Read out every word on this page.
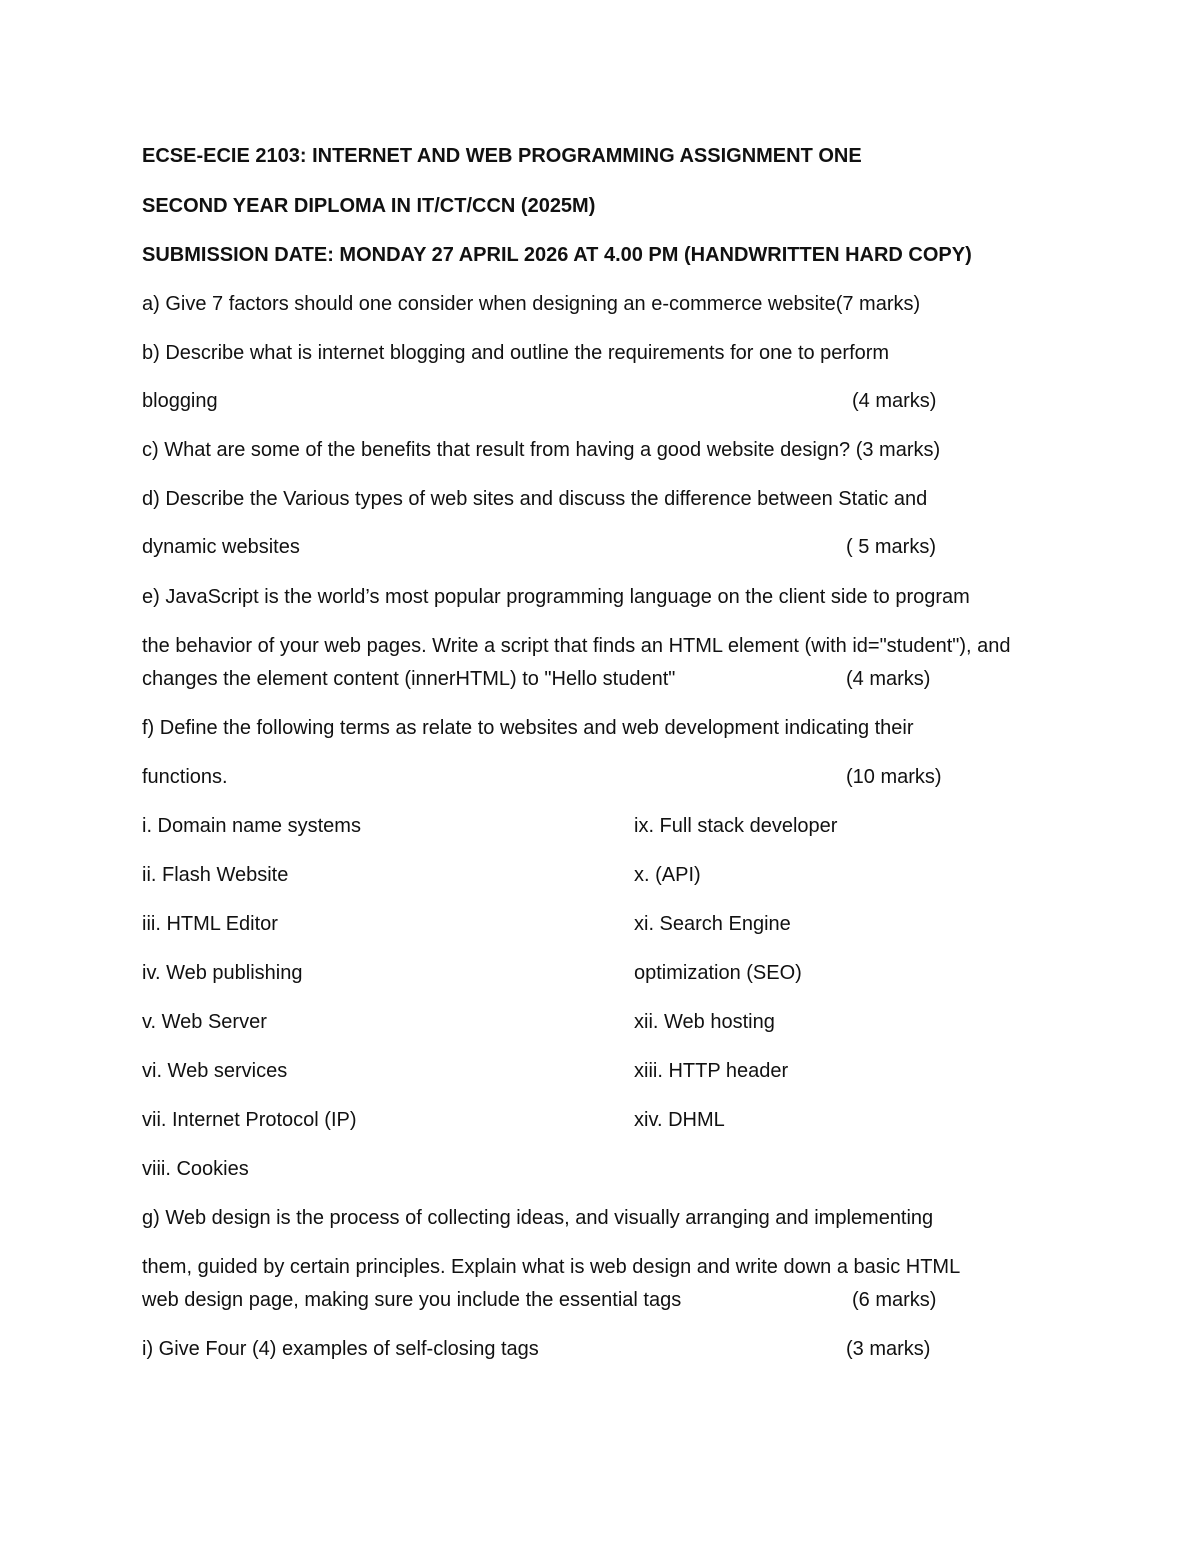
ECSE-ECIE 2103: INTERNET AND WEB PROGRAMMING ASSIGNMENT ONE
SECOND YEAR DIPLOMA IN IT/CT/CCN (2025M)
SUBMISSION DATE: MONDAY 27 APRIL 2026 AT 4.00 PM (HANDWRITTEN HARD COPY)
a) Give 7 factors should one consider when designing an e-commerce website(7 marks)
b) Describe what is internet blogging and outline the requirements for one to perform
blogging	(4 marks)
c) What are some of the benefits that result from having a good website design? (3 marks)
d) Describe the Various types of web sites and discuss the difference between Static and
dynamic websites	( 5 marks)
e) JavaScript is the world’s most popular programming language on the client side to program
the behavior of your web pages. Write a script that finds an HTML element (with id="student"), and
changes the element content (innerHTML) to "Hello student"	(4 marks)
f) Define the following terms as relate to websites and web development indicating their
functions.	(10 marks)
i. Domain name systems
ii. Flash Website
iii. HTML Editor
iv. Web publishing
v. Web Server
vi. Web services
vii. Internet Protocol (IP)
viii. Cookies
ix. Full stack developer
x. (API)
xi. Search Engine
optimization (SEO)
xii. Web hosting
xiii. HTTP header
xiv. DHML
g) Web design is the process of collecting ideas, and visually arranging and implementing
them, guided by certain principles. Explain what is web design and write down a basic HTML
web design page, making sure you include the essential tags	(6 marks)
i) Give Four (4) examples of self-closing tags	(3 marks)
